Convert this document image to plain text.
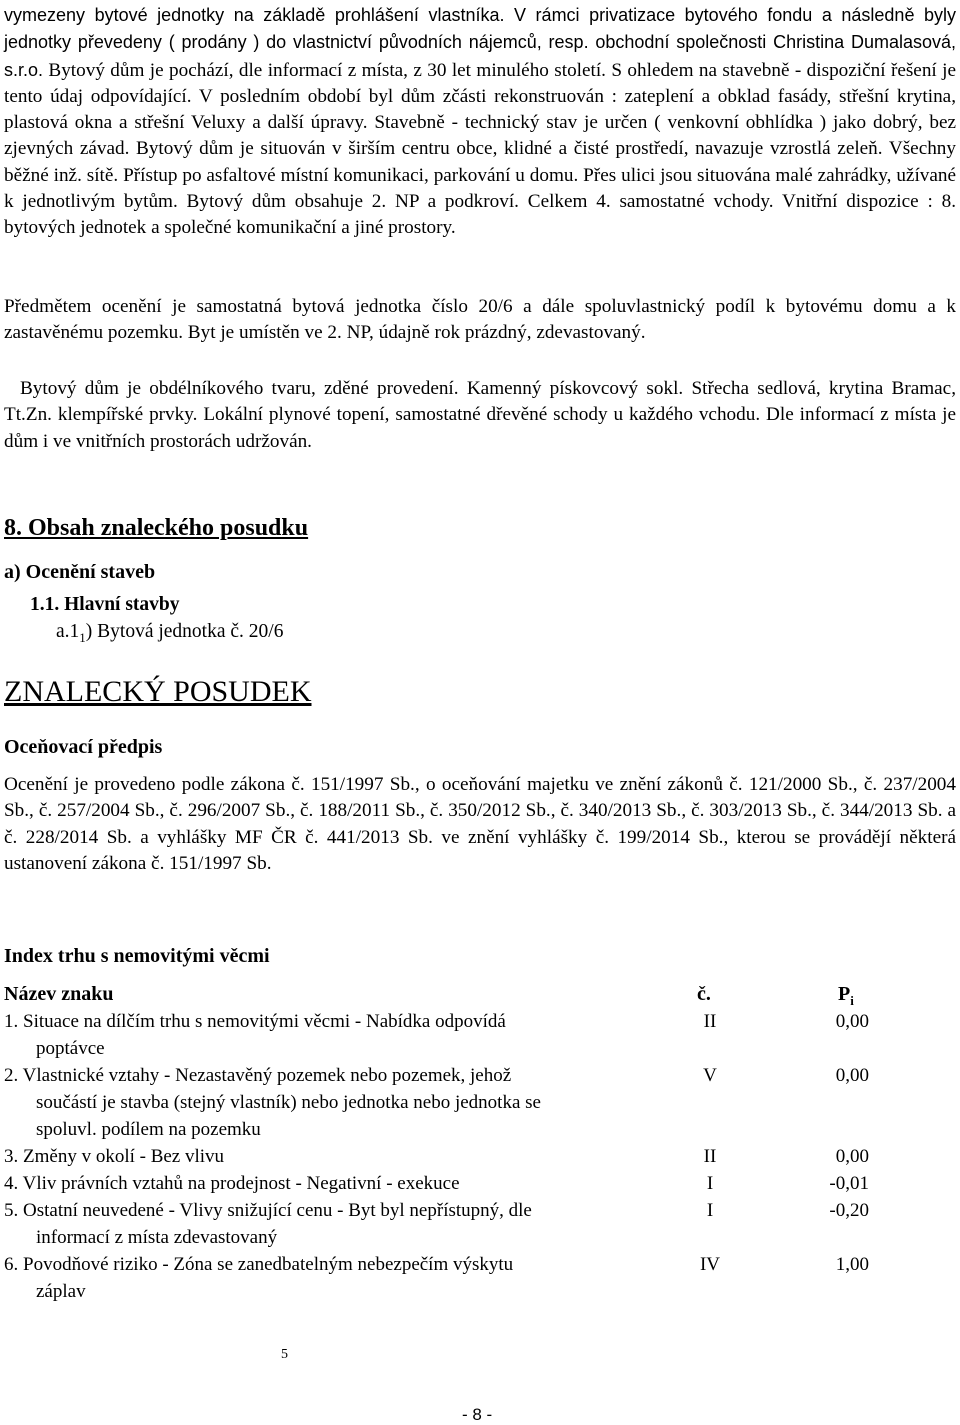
vymezeny bytové jednotky na základě prohlášení vlastníka. V rámci privatizace bytového fondu a následně byly jednotky převedeny ( prodány ) do vlastnictví původních nájemců, resp. obchodní společnosti Christina Dumalasová, s.r.o. Bytový dům je pochází, dle informací z místa, z 30 let minulého století. S ohledem na stavebně - dispoziční řešení je tento údaj odpovídající. V posledním období byl dům zčásti rekonstruován : zateplení a obklad fasády, střešní krytina, plastová okna a střešní Veluxy a další úpravy. Stavebně - technický stav je určen ( venkovní obhlídka ) jako dobrý, bez zjevných závad. Bytový dům je situován v širším centru obce, klidné a čisté prostředí, navazuje vzrostlá zeleň. Všechny běžné inž. sítě. Přístup po asfaltové místní komunikaci, parkování u domu. Přes ulici jsou situována malé zahrádky, užívané k jednotlivým bytům. Bytový dům obsahuje 2. NP a podkroví. Celkem 4. samostatné vchody. Vnitřní dispozice : 8. bytových jednotek a společné komunikační a jiné prostory.

Předmětem ocenění je samostatná bytová jednotka číslo 20/6 a dále spoluvlastnický podíl k bytovému domu a k zastavěnému pozemku. Byt je umístěn ve 2. NP, údajně rok prázdný, zdevastovaný.

Bytový dům je obdélníkového tvaru, zděné provedení. Kamenný pískovcový sokl. Střecha sedlová, krytina Bramac, Tt.Zn. klempířské prvky. Lokální plynové topení, samostatné dřevěné schody u každého vchodu. Dle informací z místa je dům i ve vnitřních prostorách udržován.

8. Obsah znaleckého posudku
a) Ocenění staveb
1.1. Hlavní stavby
$a.1_1$) Bytová jednotka č. 20/6
ZNALECKÝ POSUDEK
Oceňovací předpis

Ocenění je provedeno podle zákona č. 151/1997 Sb., o oceňování majetku ve znění zákonů č. 121/2000 Sb., č. 237/2004 Sb., č. 257/2004 Sb., č. 296/2007 Sb., č. 188/2011 Sb., č. 350/2012 Sb., č. 340/2013 Sb., č. 303/2013 Sb., č. 344/2013 Sb. a č. 228/2014 Sb. a vyhlášky MF ČR č. 441/2013 Sb. ve znění vyhlášky č. 199/2014 Sb., kterou se provádějí některá ustanovení zákona č. 151/1997 Sb.

Index trhu s nemovitými věcmi
Název znaku	č.	$P_i$
1. Situace na dílčím trhu s nemovitými věcmi - Nabídka odpovídá
poptávce
II	0,00
2. Vlastnické vztahy - Nezastavěný pozemek nebo pozemek, jehož
součástí je stavba (stejný vlastník) nebo jednotka nebo jednotka se
spoluvl. podílem na pozemku
V	0,00
3. Změny v okolí - Bez vlivu	II	0,00
4. Vliv právních vztahů na prodejnost - Negativní - exekuce	I	-0,01
5. Ostatní neuvedené - Vlivy snižující cenu - Byt byl nepřístupný, dle
informací z místa zdevastovaný
I	-0,20
6. Povodňové riziko - Zóna se zanedbatelným nebezpečím výskytu
záplav
IV	1,00
5
- 8 -
